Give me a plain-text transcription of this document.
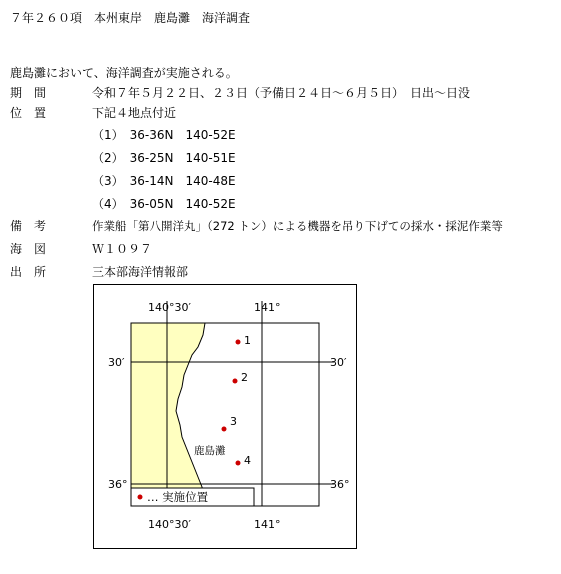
７年２６０項　本州東岸　鹿島灘　海洋調査
鹿島灘において、海洋調査が実施される。
期　間	令和７年５月２２日、２３日（予備日２４日～６月５日）　日出～日没
位　置	下記４地点付近
（1）　36-36N　140-52E
（2）　36-25N　140-51E
（3）　36-14N　140-48E
（4）　36-05N　140-52E
備　考	作業船「第八開洋丸」（272 トン）による機器を吊り下げての採水・採泥作業等
海　図	Ｗ１０９７
出　所	三本部海洋情報部
140°30′	141°
140°30′	141°
30′
36°
30′
36°
1
2
3
4
鹿島灘
… 実施位置
